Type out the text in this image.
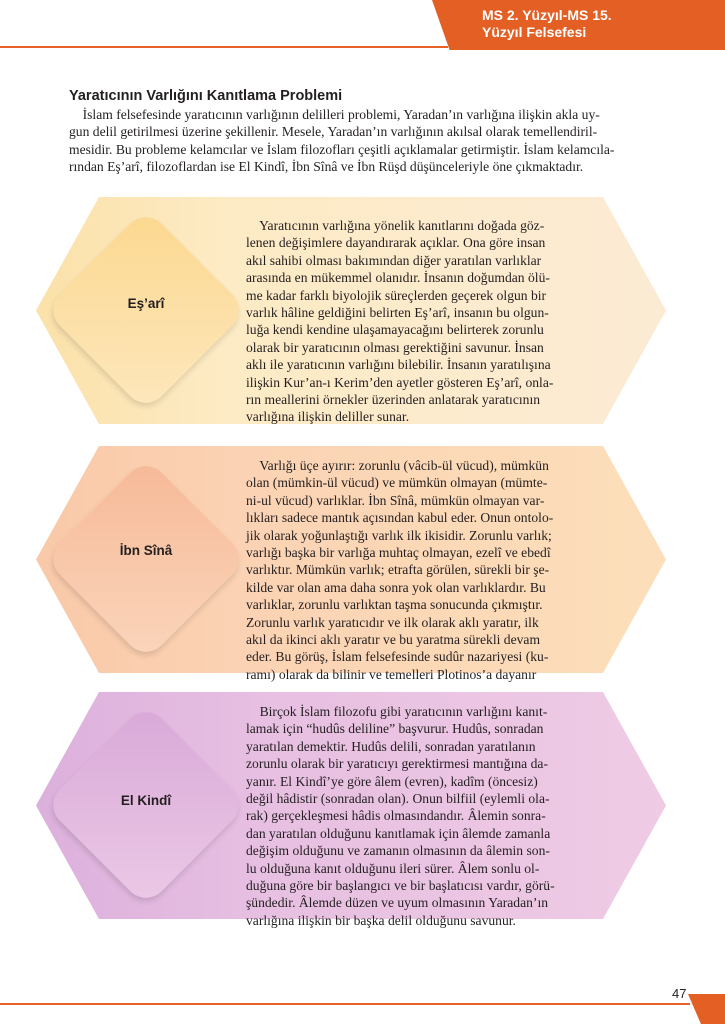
MS 2. Yüzyıl-MS 15.
Yüzyıl Felsefesi
Yaratıcının Varlığını Kanıtlama Problemi
İslam felsefesinde yaratıcının varlığının delilleri problemi, Yaradan’ın varlığına ilişkin akla uy-
gun delil getirilmesi üzerine şekillenir. Mesele, Yaradan’ın varlığının akılsal olarak temellendiril-
mesidir. Bu probleme kelamcılar ve İslam filozofları çeşitli açıklamalar getirmiştir. İslam kelamcıla-
rından Eş’arî, filozoflardan ise El Kindî, İbn Sînâ ve İbn Rüşd düşünceleriyle öne çıkmaktadır.
Eş’arî
Yaratıcının varlığına yönelik kanıtlarını doğada göz-
lenen değişimlere dayandırarak açıklar. Ona göre insan
akıl sahibi olması bakımından diğer yaratılan varlıklar
arasında en mükemmel olanıdır. İnsanın doğumdan ölü-
me kadar farklı biyolojik süreçlerden geçerek olgun bir
varlık hâline geldiğini belirten Eş’arî, insanın bu olgun-
luğa kendi kendine ulaşamayacağını belirterek zorunlu
olarak bir yaratıcının olması gerektiğini savunur. İnsan
aklı ile yaratıcının varlığını bilebilir. İnsanın yaratılışına
ilişkin Kur’an-ı Kerim’den ayetler gösteren Eş’arî, onla-
rın meallerini örnekler üzerinden anlatarak yaratıcının
varlığına ilişkin deliller sunar.
İbn Sînâ
Varlığı üçe ayırır: zorunlu (vâcib-ül vücud), mümkün
olan (mümkin-ül vücud) ve mümkün olmayan (mümte-
ni-ul vücud) varlıklar. İbn Sînâ, mümkün olmayan var-
lıkları sadece mantık açısından kabul eder. Onun ontolo-
jik olarak yoğunlaştığı varlık ilk ikisidir. Zorunlu varlık;
varlığı başka bir varlığa muhtaç olmayan, ezelî ve ebedî
varlıktır. Mümkün varlık; etrafta görülen, sürekli bir şe-
kilde var olan ama daha sonra yok olan varlıklardır. Bu
varlıklar, zorunlu varlıktan taşma sonucunda çıkmıştır.
Zorunlu varlık yaratıcıdır ve ilk olarak aklı yaratır, ilk
akıl da ikinci aklı yaratır ve bu yaratma sürekli devam
eder. Bu görüş, İslam felsefesinde sudûr nazariyesi (ku-
ramı) olarak da bilinir ve temelleri Plotinos’a dayanır
El Kindî
Birçok İslam filozofu gibi yaratıcının varlığını kanıt-
lamak için “hudûs deliline” başvurur. Hudûs, sonradan
yaratılan demektir. Hudûs delili, sonradan yaratılanın
zorunlu olarak bir yaratıcıyı gerektirmesi mantığına da-
yanır. El Kindî’ye göre âlem (evren), kadîm (öncesiz)
değil hâdistir (sonradan olan). Onun bilfiil (eylemli ola-
rak) gerçekleşmesi hâdis olmasındandır. Âlemin sonra-
dan yaratılan olduğunu kanıtlamak için âlemde zamanla
değişim olduğunu ve zamanın olmasının da âlemin son-
lu olduğuna kanıt olduğunu ileri sürer. Âlem sonlu ol-
duğuna göre bir başlangıcı ve bir başlatıcısı vardır, görü-
şündedir. Âlemde düzen ve uyum olmasının Yaradan’ın
varlığına ilişkin bir başka delil olduğunu savunur.
47
